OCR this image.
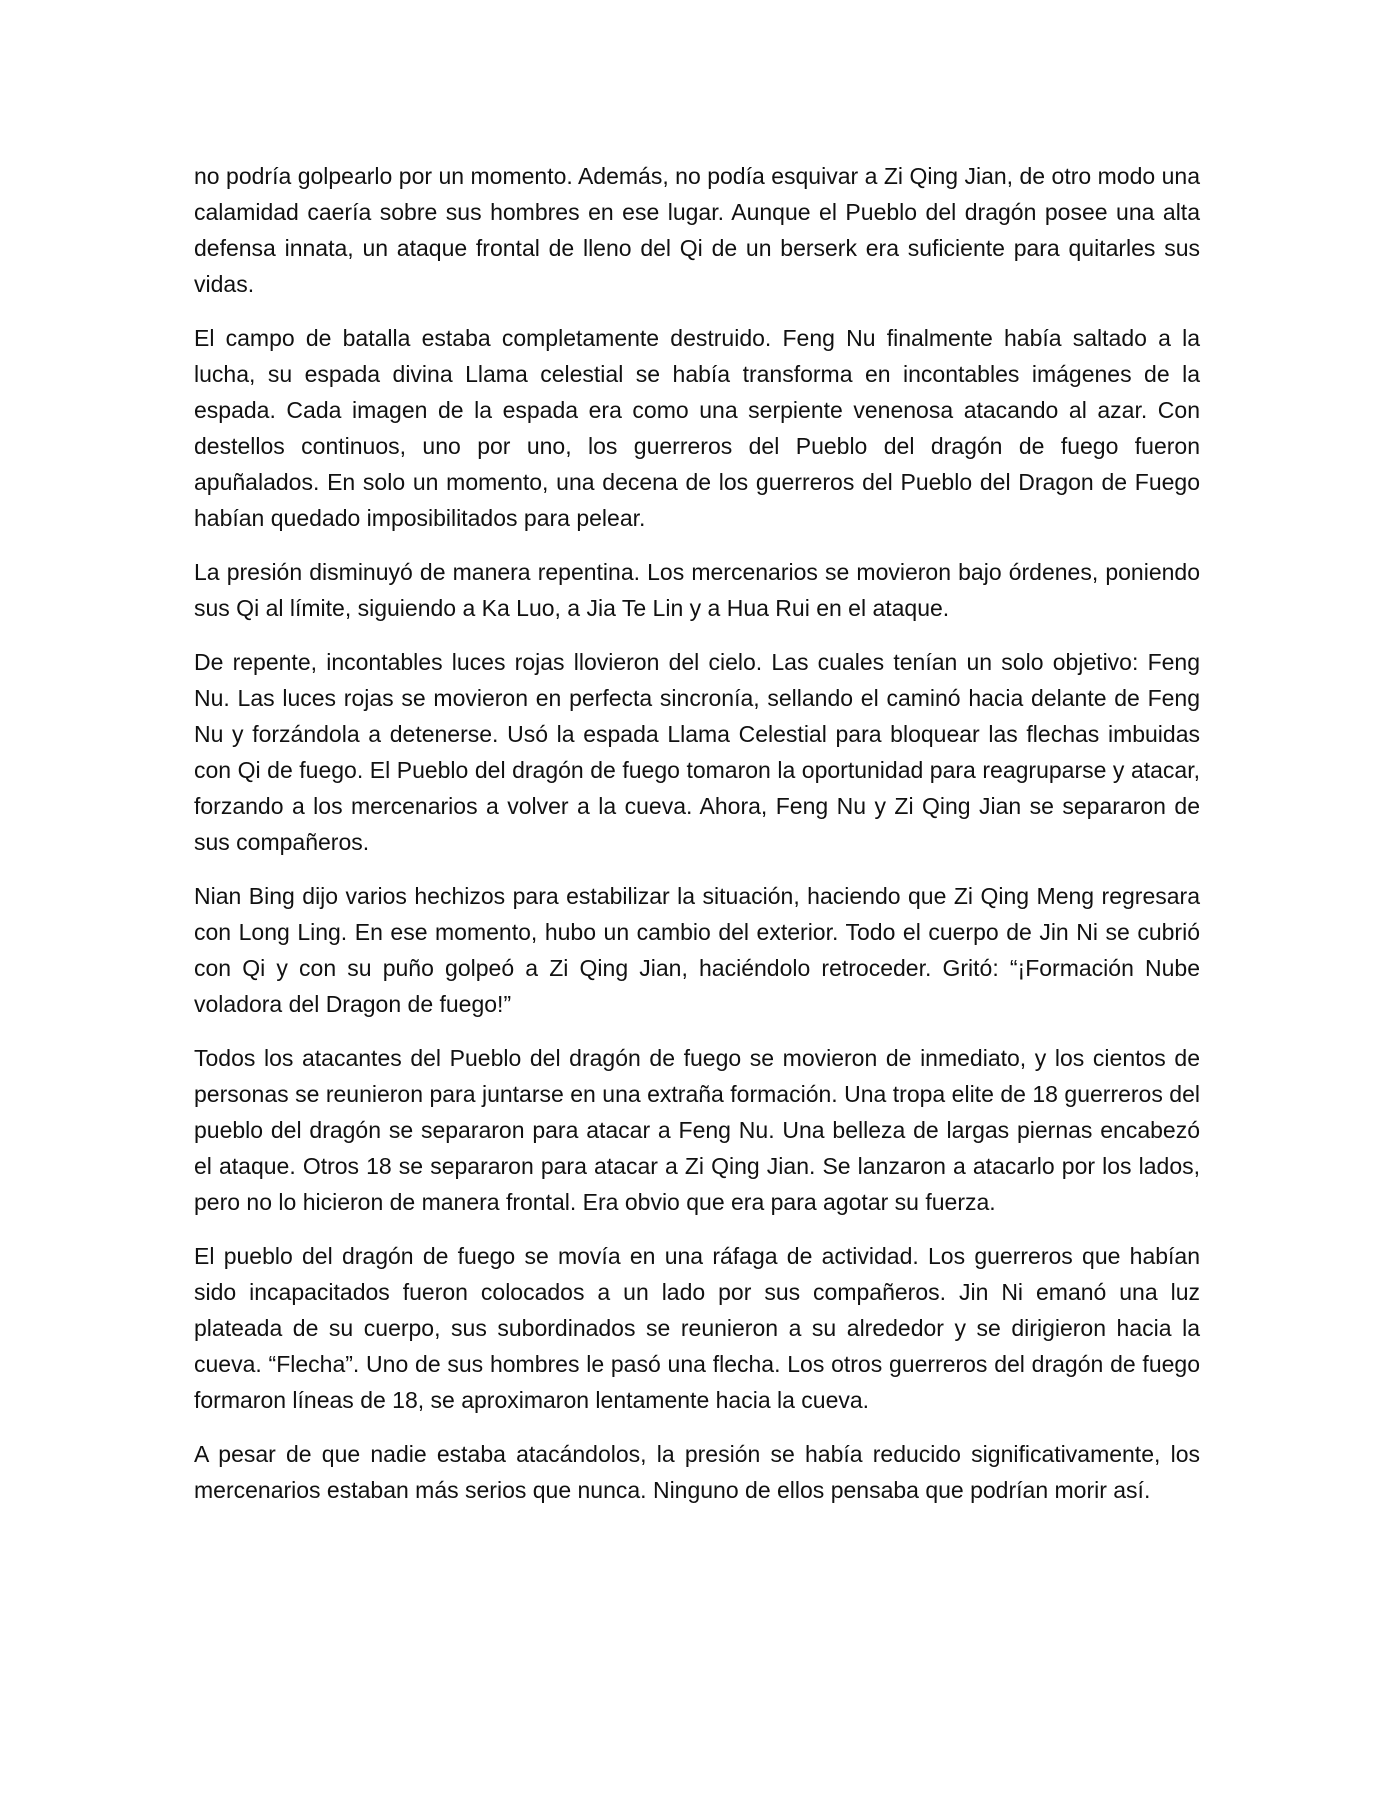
no podría golpearlo por un momento. Además, no podía esquivar a Zi Qing Jian, de otro modo una calamidad caería sobre sus hombres en ese lugar. Aunque el Pueblo del dragón posee una alta defensa innata, un ataque frontal de lleno del Qi de un berserk era suficiente para quitarles sus vidas.

El campo de batalla estaba completamente destruido. Feng Nu finalmente había saltado a la lucha, su espada divina Llama celestial se había transforma en incontables imágenes de la espada. Cada imagen de la espada era como una serpiente venenosa atacando al azar. Con destellos continuos, uno por uno, los guerreros del Pueblo del dragón de fuego fueron apuñalados. En solo un momento, una decena de los guerreros del Pueblo del Dragon de Fuego habían quedado imposibilitados para pelear.

La presión disminuyó de manera repentina. Los mercenarios se movieron bajo órdenes, poniendo sus Qi al límite, siguiendo a Ka Luo, a Jia Te Lin y a Hua Rui en el ataque.

De repente, incontables luces rojas llovieron del cielo. Las cuales tenían un solo objetivo: Feng Nu. Las luces rojas se movieron en perfecta sincronía, sellando el caminó hacia delante de Feng Nu y forzándola a detenerse. Usó la espada Llama Celestial para bloquear las flechas imbuidas con Qi de fuego. El Pueblo del dragón de fuego tomaron la oportunidad para reagruparse y atacar, forzando a los mercenarios a volver a la cueva. Ahora, Feng Nu y Zi Qing Jian se separaron de sus compañeros.

Nian Bing dijo varios hechizos para estabilizar la situación, haciendo que Zi Qing Meng regresara con Long Ling. En ese momento, hubo un cambio del exterior. Todo el cuerpo de Jin Ni se cubrió con Qi y con su puño golpeó a Zi Qing Jian, haciéndolo retroceder. Gritó: “¡Formación Nube voladora del Dragon de fuego!”

Todos los atacantes del Pueblo del dragón de fuego se movieron de inmediato, y los cientos de personas se reunieron para juntarse en una extraña formación. Una tropa elite de 18 guerreros del pueblo del dragón se separaron para atacar a Feng Nu. Una belleza de largas piernas encabezó el ataque. Otros 18 se separaron para atacar a Zi Qing Jian. Se lanzaron a atacarlo por los lados, pero no lo hicieron de manera frontal. Era obvio que era para agotar su fuerza.

El pueblo del dragón de fuego se movía en una ráfaga de actividad. Los guerreros que habían sido incapacitados fueron colocados a un lado por sus compañeros. Jin Ni emanó una luz plateada de su cuerpo, sus subordinados se reunieron a su alrededor y se dirigieron hacia la cueva. “Flecha”. Uno de sus hombres le pasó una flecha. Los otros guerreros del dragón de fuego formaron líneas de 18, se aproximaron lentamente hacia la cueva.

A pesar de que nadie estaba atacándolos, la presión se había reducido significativamente, los mercenarios estaban más serios que nunca. Ninguno de ellos pensaba que podrían morir así.
